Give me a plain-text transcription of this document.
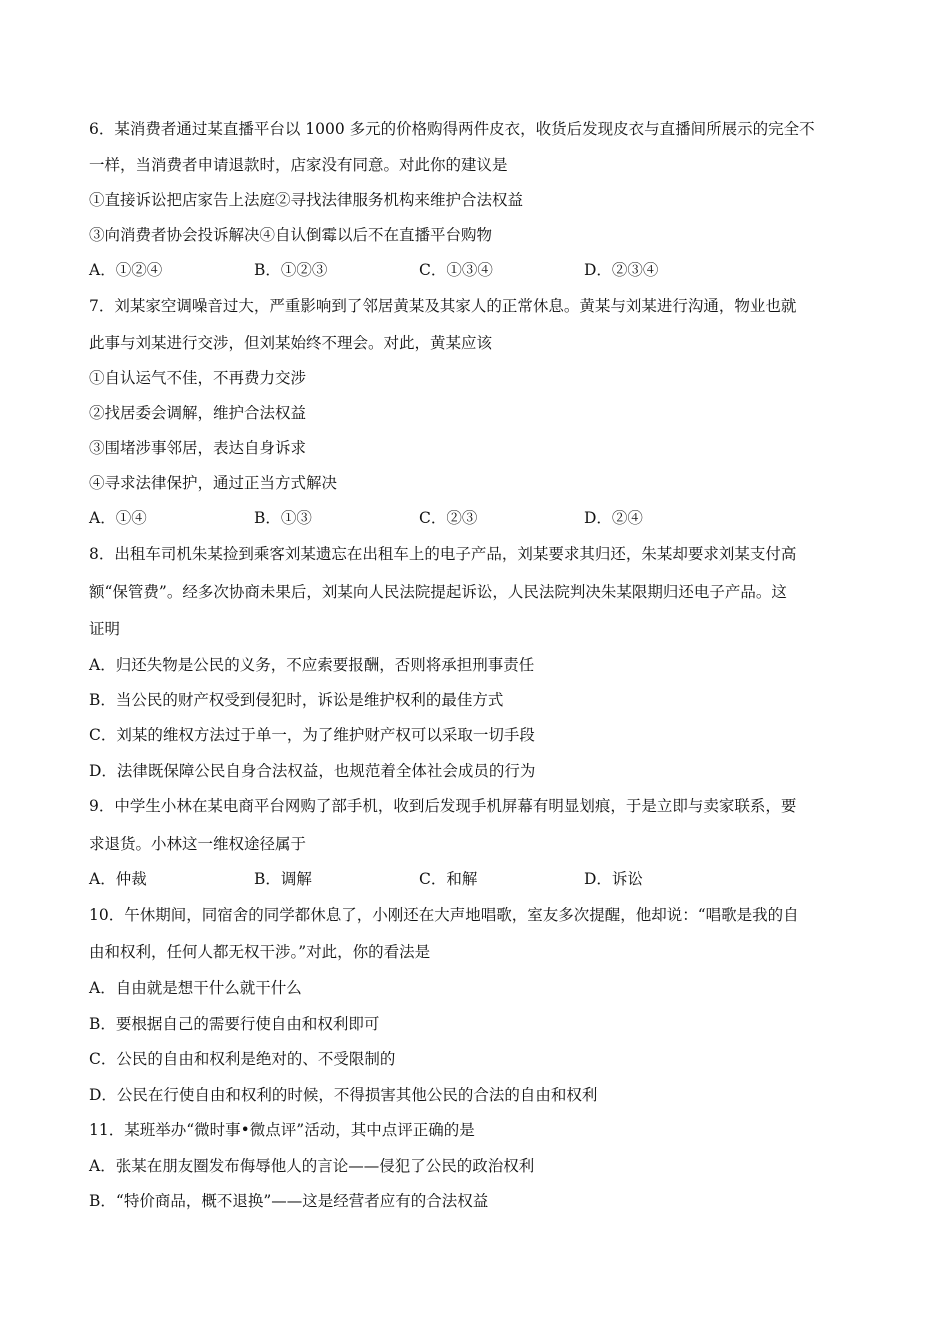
6．某消费者通过某直播平台以 1000 多元的价格购得两件皮衣，收货后发现皮衣与直播间所展示的完全不
一样，当消费者申请退款时，店家没有同意。对此你的建议是
①直接诉讼把店家告上法庭②寻找法律服务机构来维护合法权益
③向消费者协会投诉解决④自认倒霉以后不在直播平台购物
A．①②④	B．①②③	C．①③④	D．②③④
7．刘某家空调噪音过大，严重影响到了邻居黄某及其家人的正常休息。黄某与刘某进行沟通，物业也就
此事与刘某进行交涉，但刘某始终不理会。对此，黄某应该
①自认运气不佳，不再费力交涉
②找居委会调解，维护合法权益
③围堵涉事邻居，表达自身诉求
④寻求法律保护，通过正当方式解决
A．①④	B．①③	C．②③	D．②④
8．出租车司机朱某捡到乘客刘某遗忘在出租车上的电子产品，刘某要求其归还，朱某却要求刘某支付高
额“保管费”。经多次协商未果后，刘某向人民法院提起诉讼，人民法院判决朱某限期归还电子产品。这
证明
A．归还失物是公民的义务，不应索要报酬，否则将承担刑事责任
B．当公民的财产权受到侵犯时，诉讼是维护权利的最佳方式
C．刘某的维权方法过于单一，为了维护财产权可以采取一切手段
D．法律既保障公民自身合法权益，也规范着全体社会成员的行为
9．中学生小林在某电商平台网购了部手机，收到后发现手机屏幕有明显划痕，于是立即与卖家联系，要
求退货。小林这一维权途径属于
A．仲裁	B．调解	C．和解	D．诉讼
10．午休期间，同宿舍的同学都休息了，小刚还在大声地唱歌，室友多次提醒，他却说：“唱歌是我的自
由和权利，任何人都无权干涉。”对此，你的看法是
A．自由就是想干什么就干什么
B．要根据自己的需要行使自由和权利即可
C．公民的自由和权利是绝对的、不受限制的
D．公民在行使自由和权利的时候，不得损害其他公民的合法的自由和权利
11．某班举办“微时事•微点评”活动，其中点评正确的是
A．张某在朋友圈发布侮辱他人的言论——侵犯了公民的政治权利
B．“特价商品，概不退换”——这是经营者应有的合法权益
